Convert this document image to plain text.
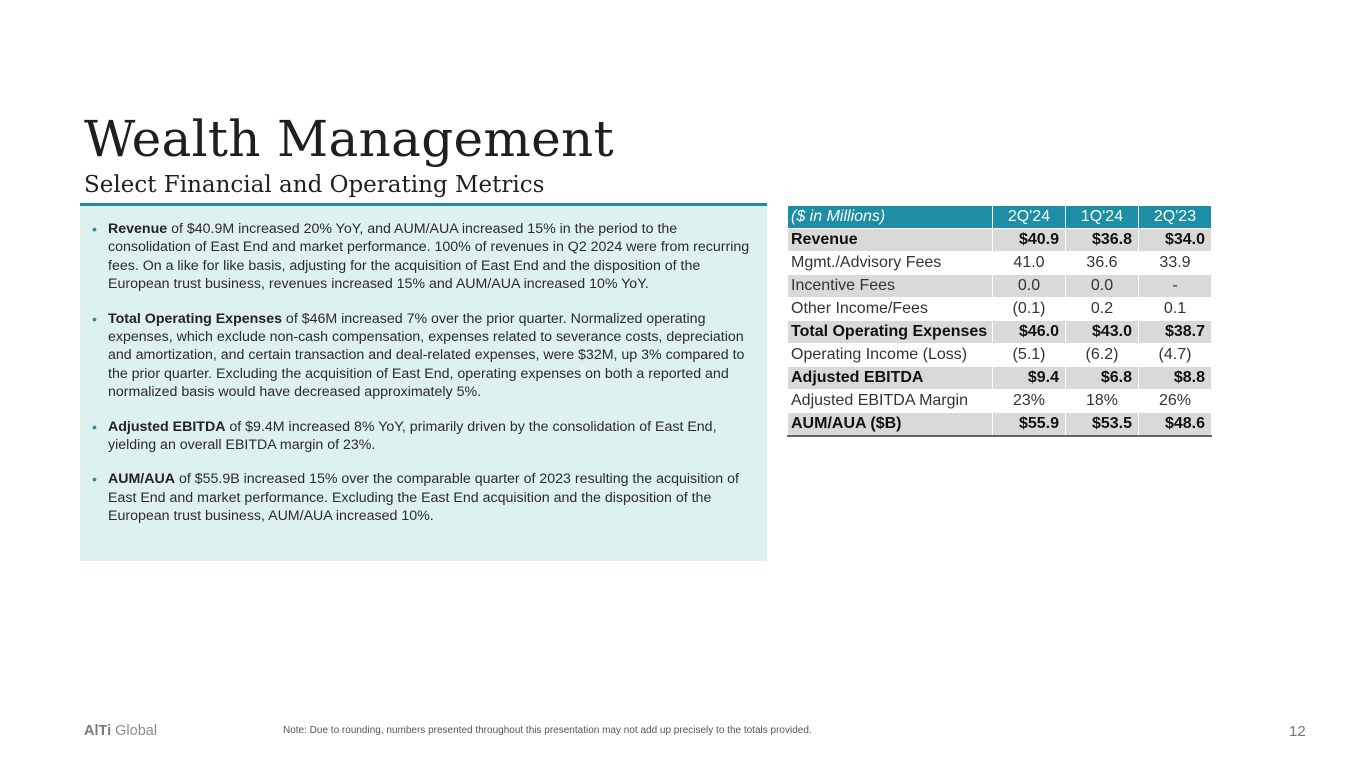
Wealth Management
Select Financial and Operating Metrics
• Revenue of $40.9M increased 20% YoY, and AUM/AUA increased 15% in the period to the consolidation of East End and market performance. 100% of revenues in Q2 2024 were from recurring fees. On a like for like basis, adjusting for the acquisition of East End and the disposition of the European trust business, revenues increased 15% and AUM/AUA increased 10% YoY.
• Total Operating Expenses of $46M increased 7% over the prior quarter. Normalized operating expenses, which exclude non-cash compensation, expenses related to severance costs, depreciation and amortization, and certain transaction and deal-related expenses, were $32M, up 3% compared to the prior quarter. Excluding the acquisition of East End, operating expenses on both a reported and normalized basis would have decreased approximately 5%.
• Adjusted EBITDA of $9.4M increased 8% YoY, primarily driven by the consolidation of East End, yielding an overall EBITDA margin of 23%.
• AUM/AUA of $55.9B increased 15% over the comparable quarter of 2023 resulting the acquisition of East End and market performance. Excluding the East End acquisition and the disposition of the European trust business, AUM/AUA increased 10%.
($ in Millions)	2Q'24	1Q'24	2Q'23
Revenue	$40.9	$36.8	$34.0
Mgmt./Advisory Fees	41.0	36.6	33.9
Incentive Fees	0.0	0.0	-
Other Income/Fees	(0.1)	0.2	0.1
Total Operating Expenses	$46.0	$43.0	$38.7
Operating Income (Loss)	(5.1)	(6.2)	(4.7)
Adjusted EBITDA	$9.4	$6.8	$8.8
Adjusted EBITDA Margin	23%	18%	26%
AUM/AUA ($B)	$55.9	$53.5	$48.6
AlTi Global	Note: Due to rounding, numbers presented throughout this presentation may not add up precisely to the totals provided.	12
